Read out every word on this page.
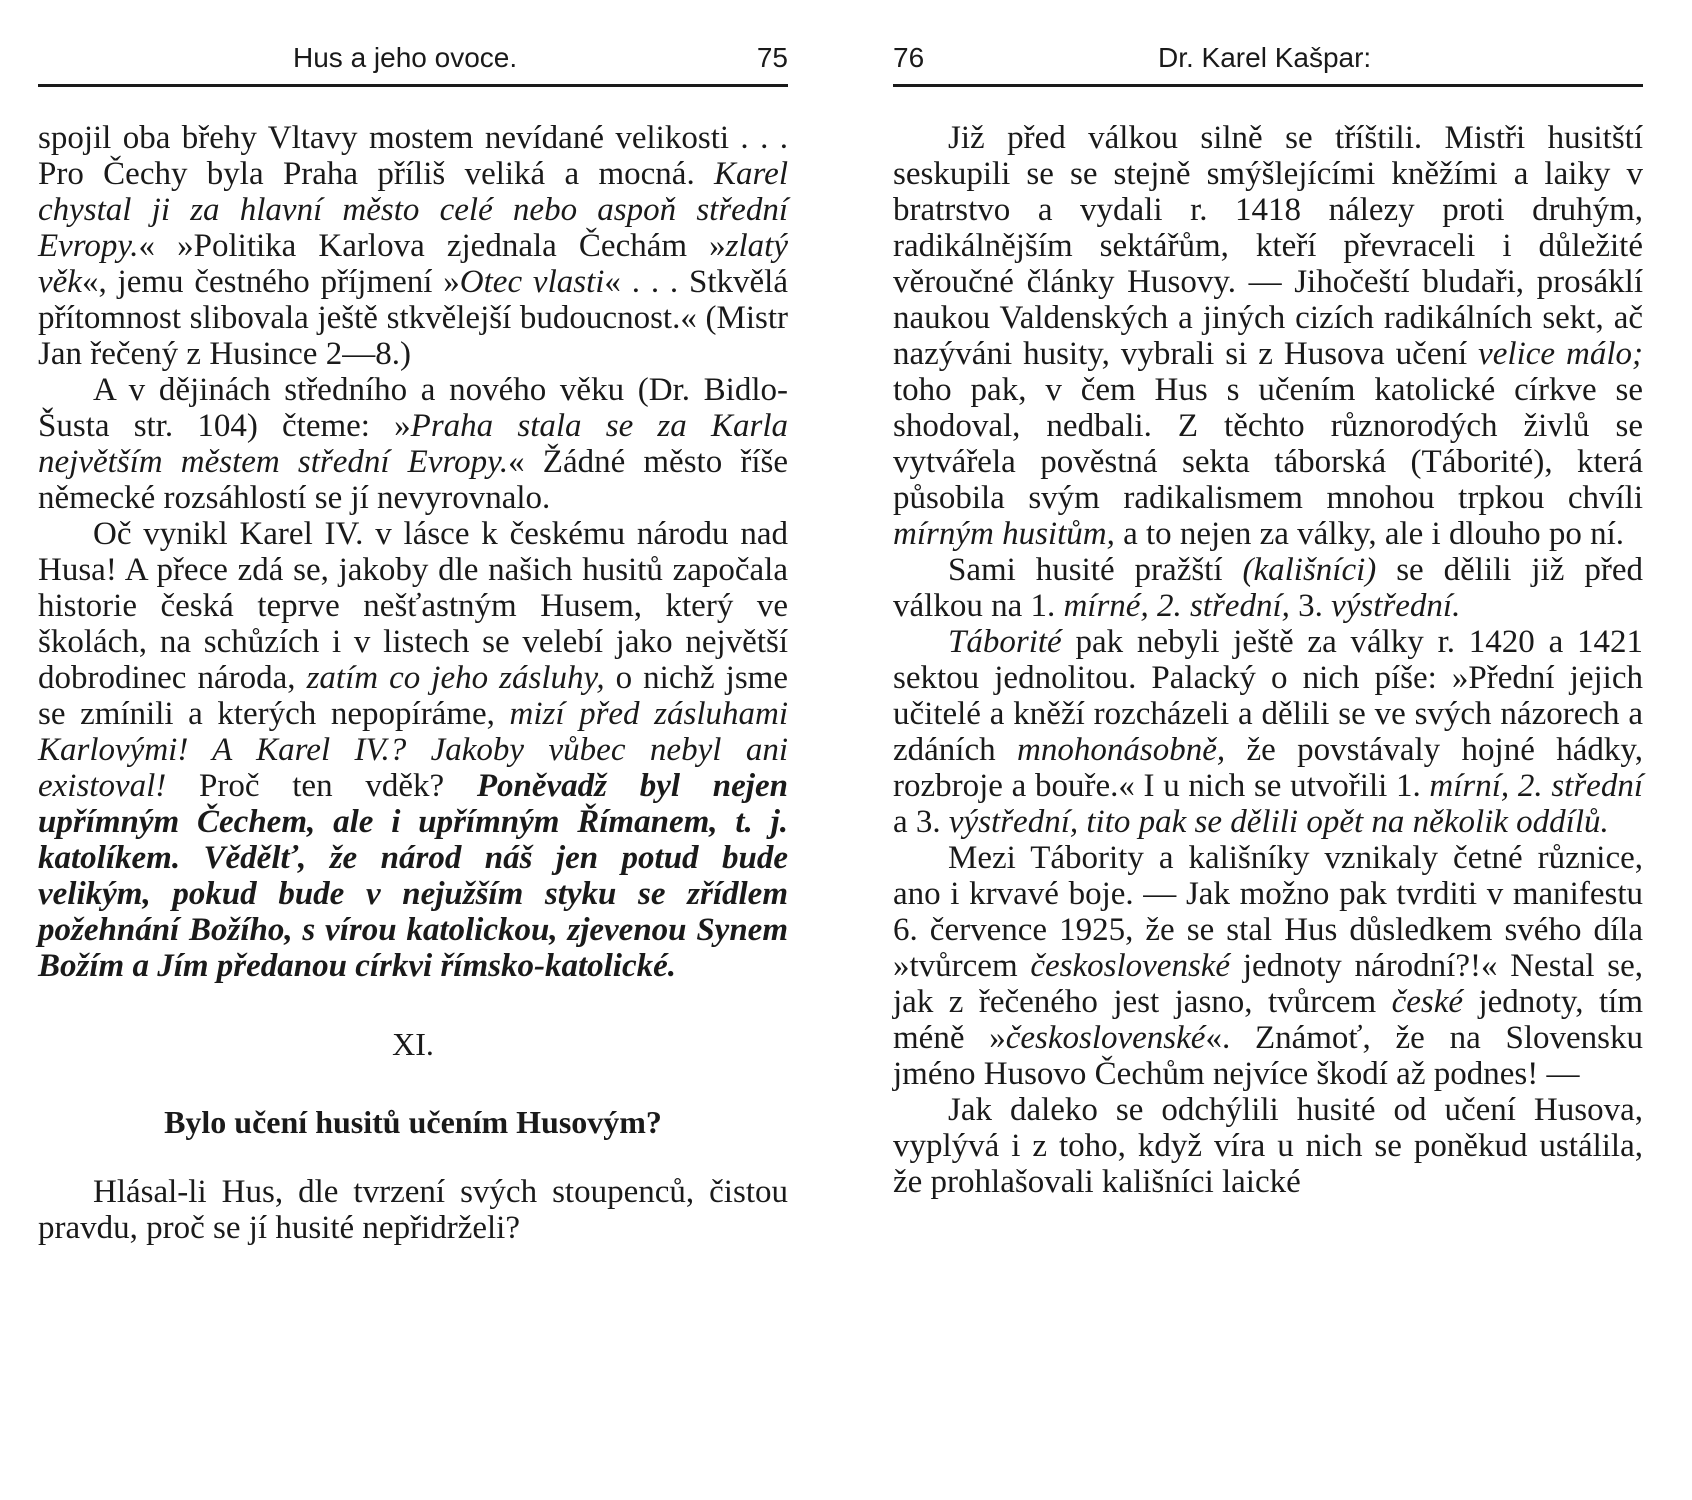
Hus a jeho ovoce.	75

spojil oba břehy Vltavy mostem nevídané velikosti . . . Pro Čechy byla Praha příliš veliká a mocná. Karel chystal ji za hlavní město celé nebo aspoň střední Evropy.« »Politika Karlova zjednala Čechám »zlatý věk«, jemu čestného příjmení »Otec vlasti« . . . Stkvělá přítomnost slibovala ještě stkvělejší budoucnost.« (Mistr Jan řečený z Husince 2—8.)

A v dějinách středního a nového věku (Dr. Bidlo-Šusta str. 104) čteme: »Praha stala se za Karla největším městem střední Evropy.« Žádné město říše německé rozsáhlostí se jí nevyrovnalo.

Oč vynikl Karel IV. v lásce k českému národu nad Husa! A přece zdá se, jakoby dle našich husitů započala historie česká teprve nešťastným Husem, který ve školách, na schůzích i v listech se velebí jako největší dobrodinec národa, zatím co jeho zásluhy, o nichž jsme se zmínili a kterých nepopíráme, mizí před zásluhami Karlovými! A Karel IV.? Jakoby vůbec nebyl ani existoval! Proč ten vděk? Poněvadž byl nejen upřímným Čechem, ale i upřímným Římanem, t. j. katolíkem. Vědělť, že národ náš jen potud bude velikým, pokud bude v nejužším styku se zřídlem požehnání Božího, s vírou katolickou, zjevenou Synem Božím a Jím předanou církvi římsko-katolické.

XI.
Bylo učení husitů učením Husovým?

Hlásal-li Hus, dle tvrzení svých stoupenců, čistou pravdu, proč se jí husité nepřidrželi?

76	Dr. Karel Kašpar:

Již před válkou silně se tříštili. Mistři husitští seskupili se se stejně smýšlejícími kněžími a laiky v bratrstvo a vydali r. 1418 nálezy proti druhým, radikálnějším sektářům, kteří převraceli i důležité věroučné články Husovy. — Jihočeští bludaři, prosáklí naukou Valdenských a jiných cizích radikálních sekt, ač nazýváni husity, vybrali si z Husova učení velice málo; toho pak, v čem Hus s učením katolické církve se shodoval, nedbali. Z těchto různorodých živlů se vytvářela pověstná sekta táborská (Táborité), která působila svým radikalismem mnohou trpkou chvíli mírným husitům, a to nejen za války, ale i dlouho po ní.

Sami husité pražští (kališníci) se dělili již před válkou na 1. mírné, 2. střední, 3. výstřední.

Táborité pak nebyli ještě za války r. 1420 a 1421 sektou jednolitou. Palacký o nich píše: »Přední jejich učitelé a kněží rozcházeli a dělili se ve svých názorech a zdáních mnohonásobně, že povstávaly hojné hádky, rozbroje a bouře.« I u nich se utvořili 1. mírní, 2. střední a 3. výstřední, tito pak se dělili opět na několik oddílů.

Mezi Tábority a kališníky vznikaly četné různice, ano i krvavé boje. — Jak možno pak tvrditi v manifestu 6. července 1925, že se stal Hus důsledkem svého díla »tvůrcem československé jednoty národní?!« Nestal se, jak z řečeného jest jasno, tvůrcem české jednoty, tím méně »československé«. Známoť, že na Slovensku jméno Husovo Čechům nejvíce škodí až podnes! —

Jak daleko se odchýlili husité od učení Husova, vyplývá i z toho, když víra u nich se poněkud ustálila, že prohlašovali kališníci laické
